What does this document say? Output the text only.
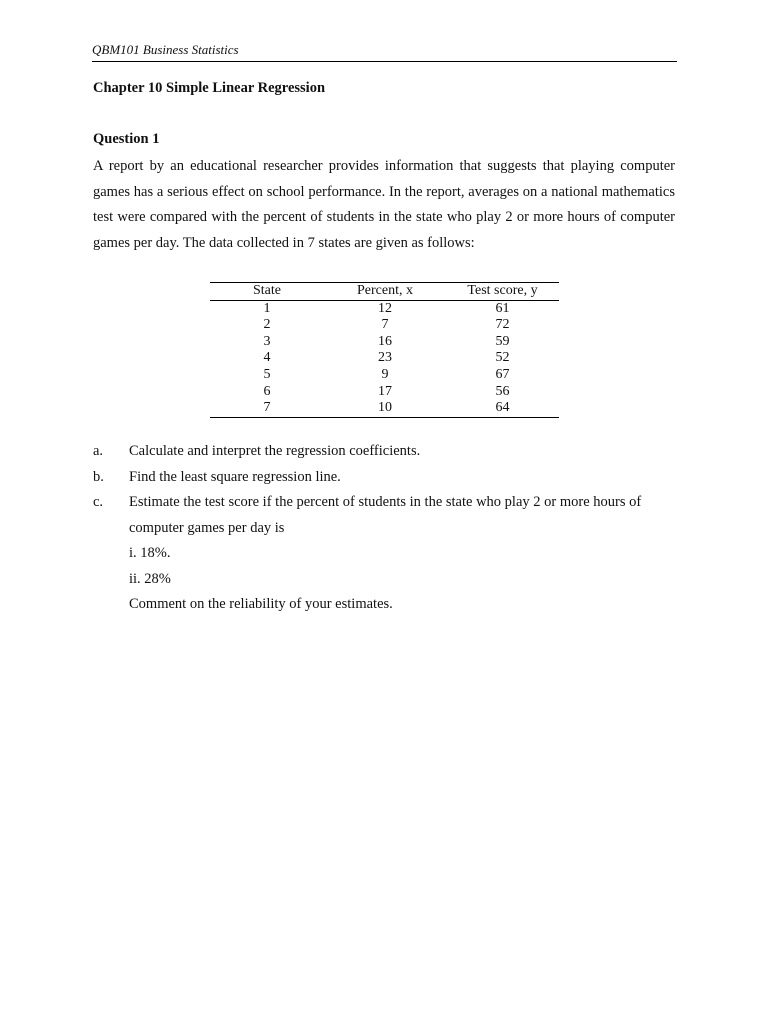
QBM101 Business Statistics
Chapter 10 Simple Linear Regression
Question 1

A report by an educational researcher provides information that suggests that playing computer games has a serious effect on school performance. In the report, averages on a national mathematics test were compared with the percent of students in the state who play 2 or more hours of computer games per day. The data collected in 7 states are given as follows:

State	Percent, x	Test score, y
1	12	61
2	7	72
3	16	59
4	23	52
5	9	67
6	17	56
7	10	64
a.	Calculate and interpret the regression coefficients.
b.	Find the least square regression line.
c.	Estimate the test score if the percent of students in the state who play 2 or more hours of computer games per day is
i. 18%.
ii. 28%
Comment on the reliability of your estimates.
